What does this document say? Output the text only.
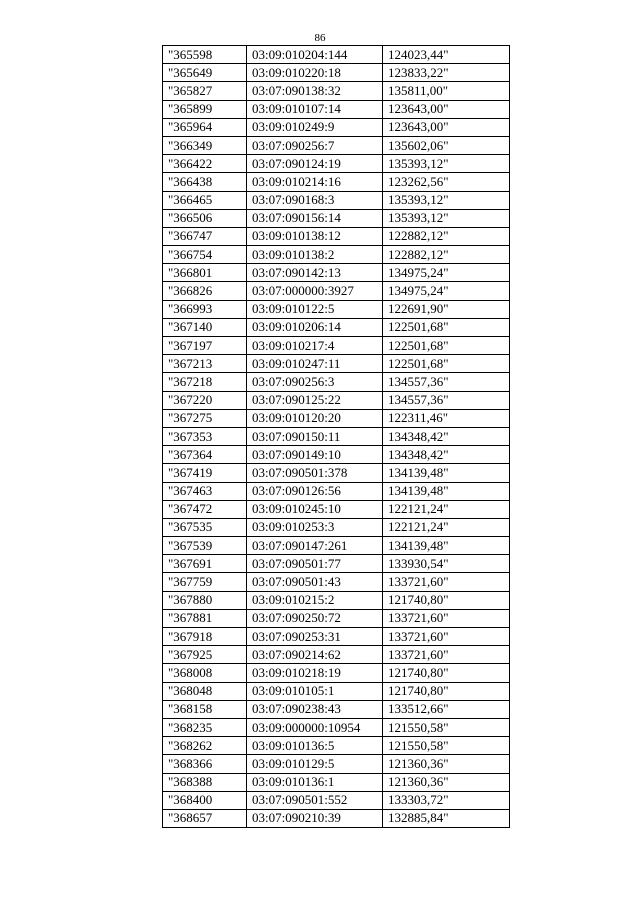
86
"365598	03:09:010204:144	124023,44"
"365649	03:09:010220:18	123833,22"
"365827	03:07:090138:32	135811,00"
"365899	03:09:010107:14	123643,00"
"365964	03:09:010249:9	123643,00"
"366349	03:07:090256:7	135602,06"
"366422	03:07:090124:19	135393,12"
"366438	03:09:010214:16	123262,56"
"366465	03:07:090168:3	135393,12"
"366506	03:07:090156:14	135393,12"
"366747	03:09:010138:12	122882,12"
"366754	03:09:010138:2	122882,12"
"366801	03:07:090142:13	134975,24"
"366826	03:07:000000:3927	134975,24"
"366993	03:09:010122:5	122691,90"
"367140	03:09:010206:14	122501,68"
"367197	03:09:010217:4	122501,68"
"367213	03:09:010247:11	122501,68"
"367218	03:07:090256:3	134557,36"
"367220	03:07:090125:22	134557,36"
"367275	03:09:010120:20	122311,46"
"367353	03:07:090150:11	134348,42"
"367364	03:07:090149:10	134348,42"
"367419	03:07:090501:378	134139,48"
"367463	03:07:090126:56	134139,48"
"367472	03:09:010245:10	122121,24"
"367535	03:09:010253:3	122121,24"
"367539	03:07:090147:261	134139,48"
"367691	03:07:090501:77	133930,54"
"367759	03:07:090501:43	133721,60"
"367880	03:09:010215:2	121740,80"
"367881	03:07:090250:72	133721,60"
"367918	03:07:090253:31	133721,60"
"367925	03:07:090214:62	133721,60"
"368008	03:09:010218:19	121740,80"
"368048	03:09:010105:1	121740,80"
"368158	03:07:090238:43	133512,66"
"368235	03:09:000000:10954	121550,58"
"368262	03:09:010136:5	121550,58"
"368366	03:09:010129:5	121360,36"
"368388	03:09:010136:1	121360,36"
"368400	03:07:090501:552	133303,72"
"368657	03:07:090210:39	132885,84"
